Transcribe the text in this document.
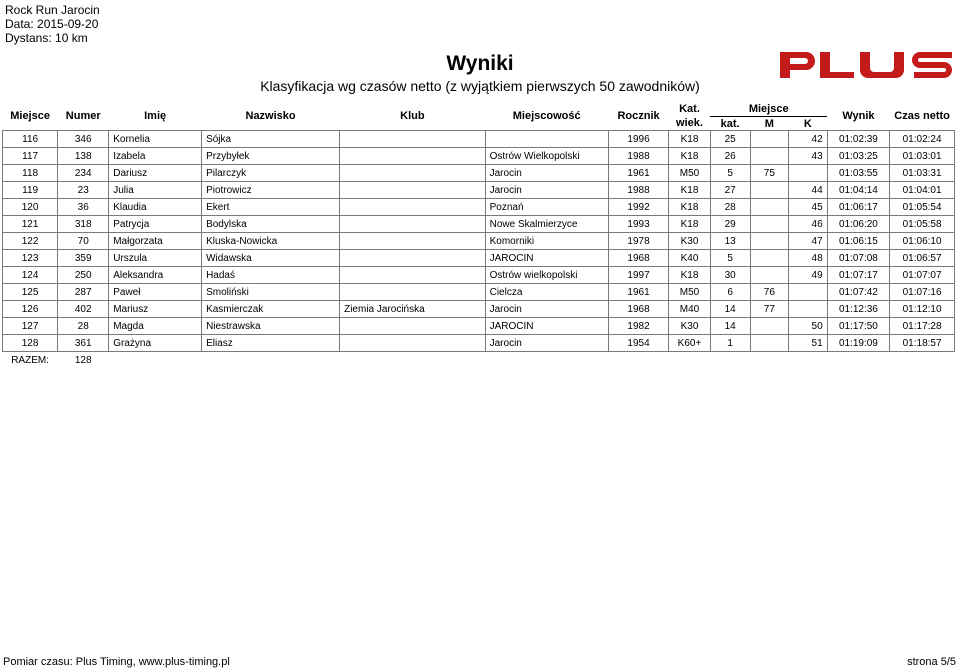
Rock Run Jarocin
Data: 2015-09-20
Dystans: 10 km
Wyniki
Klasyfikacja wg czasów netto (z wyjątkiem pierwszych 50 zawodników)
Miejsce	Numer	Imię	Nazwisko	Klub	Miejscowość	Rocznik	Kat.	Miejsce			Wynik	Czas netto
							wiek.	kat.	M	K		
116	346	Kornelia	Sójka			1996	K18	25		42	01:02:39	01:02:24
117	138	Izabela	Przybyłek		Ostrów Wielkopolski	1988	K18	26		43	01:03:25	01:03:01
118	234	Dariusz	Pilarczyk		Jarocin	1961	M50	5	75		01:03:55	01:03:31
119	23	Julia	Piotrowicz		Jarocin	1988	K18	27		44	01:04:14	01:04:01
120	36	Klaudia	Ekert		Poznań	1992	K18	28		45	01:06:17	01:05:54
121	318	Patrycja	Bodylska		Nowe Skalmierzyce	1993	K18	29		46	01:06:20	01:05:58
122	70	Małgorzata	Kluska-Nowicka		Komorniki	1978	K30	13		47	01:06:15	01:06:10
123	359	Urszula	Widawska		JAROCIN	1968	K40	5		48	01:07:08	01:06:57
124	250	Aleksandra	Hadaś		Ostrów wielkopolski	1997	K18	30		49	01:07:17	01:07:07
125	287	Paweł	Smoliński		Cielcza	1961	M50	6	76		01:07:42	01:07:16
126	402	Mariusz	Kasmierczak	Ziemia Jarocińska	Jarocin	1968	M40	14	77		01:12:36	01:12:10
127	28	Magda	Niestrawska		JAROCIN	1982	K30	14		50	01:17:50	01:17:28
128	361	Grażyna	Eliasz		Jarocin	1954	K60+	1		51	01:19:09	01:18:57
RAZEM:	128											
Pomiar czasu: Plus Timing, www.plus-timing.pl	strona 5/5
